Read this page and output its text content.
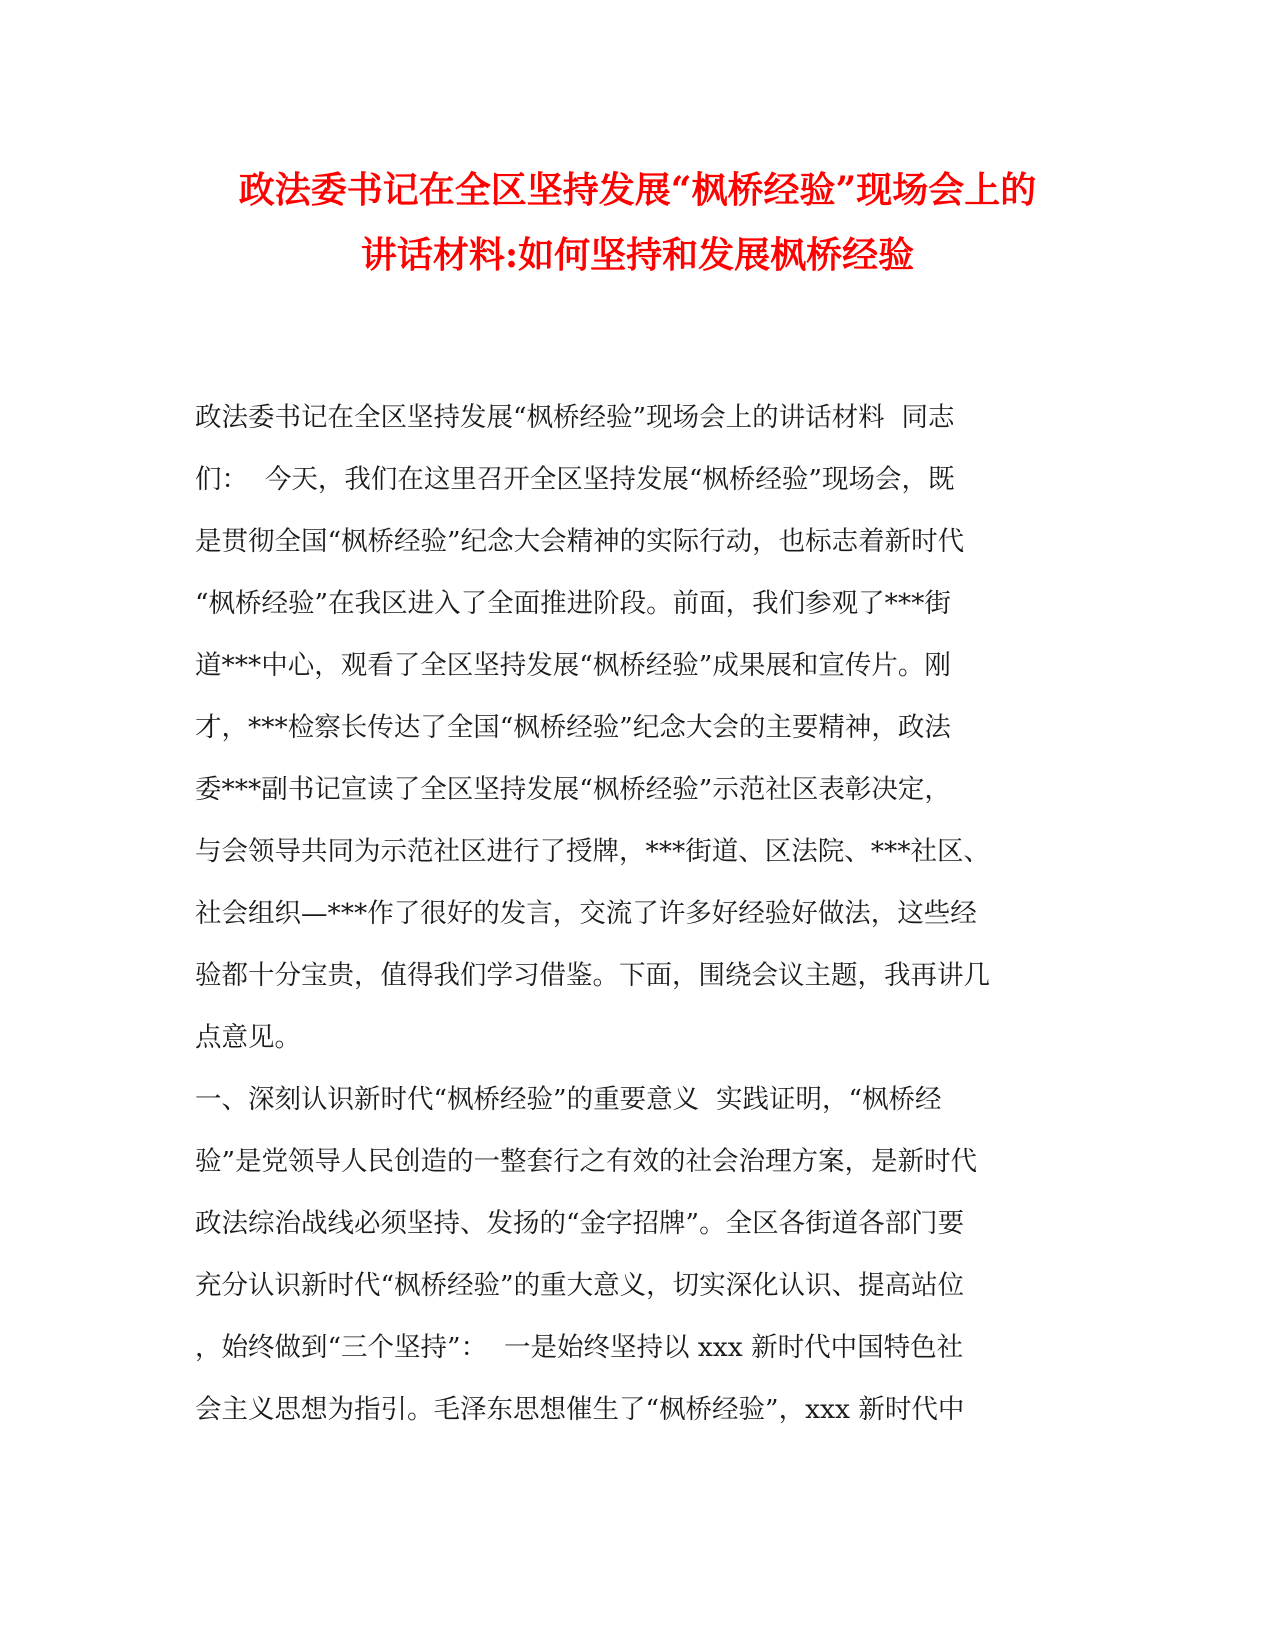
政法委书记在全区坚持发展“枫桥经验”现场会上的
讲话材料:如何坚持和发展枫桥经验
政法委书记在全区坚持发展“枫桥经验”现场会上的讲话材料  同志
们：  今天，我们在这里召开全区坚持发展“枫桥经验”现场会，既
是贯彻全国“枫桥经验”纪念大会精神的实际行动，也标志着新时代
“枫桥经验”在我区进入了全面推进阶段。前面，我们参观了***街
道***中心，观看了全区坚持发展“枫桥经验”成果展和宣传片。刚
才，***检察长传达了全国“枫桥经验”纪念大会的主要精神，政法
委***副书记宣读了全区坚持发展“枫桥经验”示范社区表彰决定，
与会领导共同为示范社区进行了授牌，***街道、区法院、***社区、
社会组织—***作了很好的发言，交流了许多好经验好做法，这些经
验都十分宝贵，值得我们学习借鉴。下面，围绕会议主题，我再讲几
点意见。
一、深刻认识新时代“枫桥经验”的重要意义  实践证明，“枫桥经
验”是党领导人民创造的一整套行之有效的社会治理方案，是新时代
政法综治战线必须坚持、发扬的“金字招牌”。全区各街道各部门要
充分认识新时代“枫桥经验”的重大意义，切实深化认识、提高站位
，始终做到“三个坚持”：  一是始终坚持以 xxx 新时代中国特色社
会主义思想为指引。毛泽东思想催生了“枫桥经验”，xxx 新时代中
